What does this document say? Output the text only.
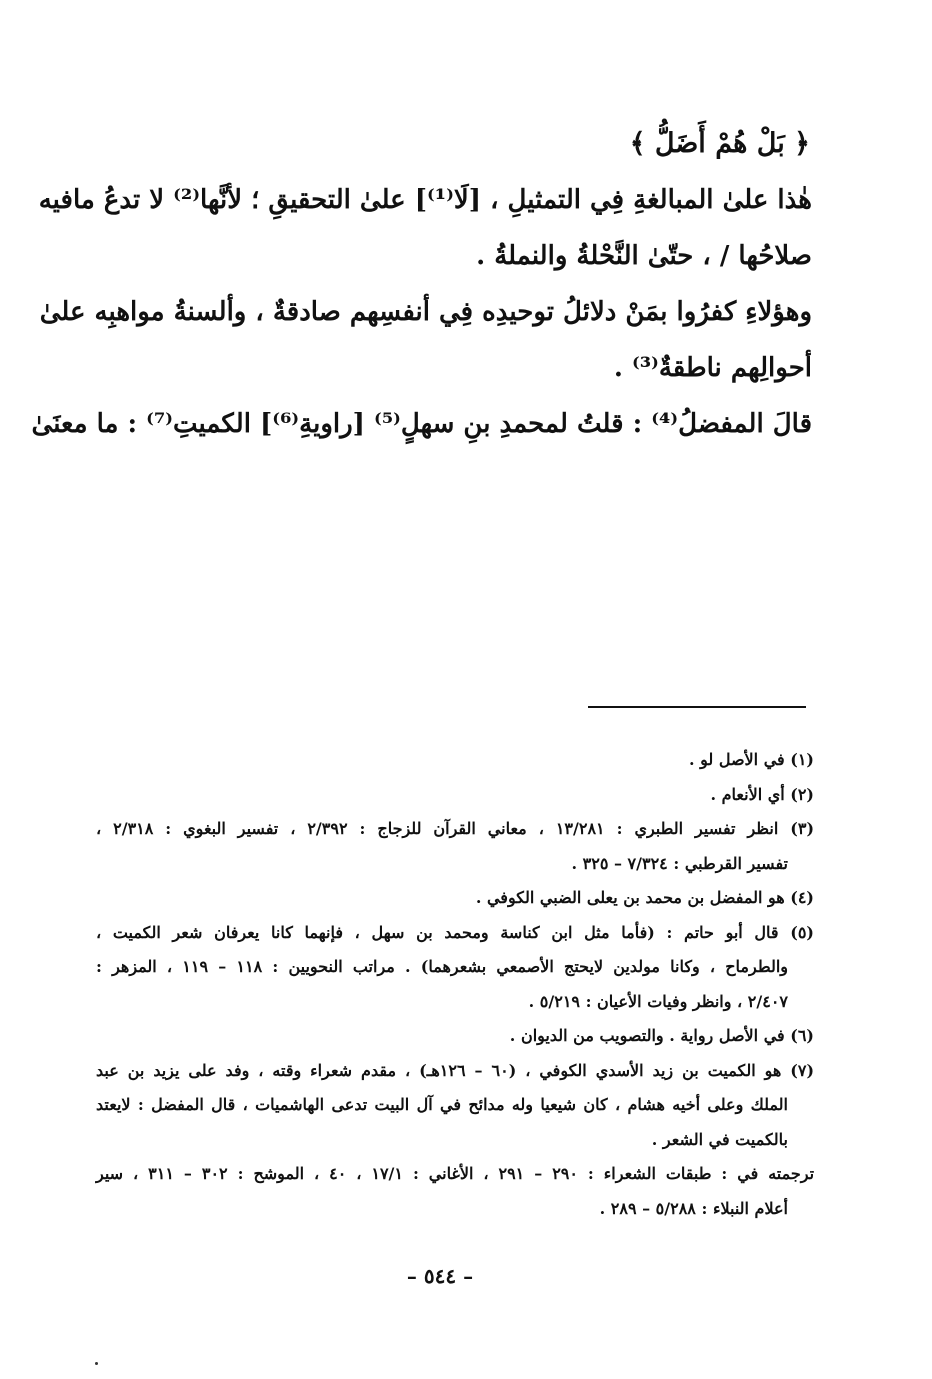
﴿ بَلْ هُمْ أَضَلُّ ﴾

هٰذا علىٰ المبالغةِ فِي التمثيلِ ، [لَا⁽¹⁾] علىٰ التحقيقِ ؛ لأنَّها⁽²⁾ لا تدعُ مافيه

صلاحُها / ، حتّىٰ النَّحْلةُ والنملةُ .

وهؤلاءِ كفرُوا بمَنْ دلائلُ توحيدِه فِي أنفسِهم صادقةٌ ، وألسنةُ مواهبِه علىٰ

أحوالِهم ناطقةٌ⁽³⁾ .

قالَ المفضلُ⁽⁴⁾ : قلتُ لمحمدِ بنِ سهلٍ⁽⁵⁾ [راويةِ⁽⁶⁾] الكميتِ⁽⁷⁾ : ما معنَىٰ

(١) في الأصل لو .

(٢) أي الأنعام .

(٣) انظر تفسير الطبري : ١٣/٢٨١ ، معاني القرآن للزجاج : ٢/٣٩٢ ، تفسير البغوي : ٢/٣١٨ ،

تفسير القرطبي : ٧/٣٢٤ – ٣٢٥ .

(٤) هو المفضل بن محمد بن يعلى الضبي الكوفي .

(٥) قال أبو حاتم : (فأما مثل ابن كناسة ومحمد بن سهل ، فإنهما كانا يعرفان شعر الكميت ،

والطرماح ، وكانا مولدين لايحتج الأصمعي بشعرهما) . مراتب النحويين : ١١٨ – ١١٩ ، المزهر :

٢/٤٠٧ ، وانظر وفيات الأعيان : ٥/٢١٩ .

(٦) في الأصل رواية . والتصويب من الديوان .

(٧) هو الكميت بن زيد الأسدي الكوفي ، (٦٠ – ١٢٦هـ) ، مقدم شعراء وقته ، وفد على يزيد بن عبد

الملك وعلى أخيه هشام ، كان شيعيا وله مدائح في آل البيت تدعى الهاشميات ، قال المفضل : لايعتد

بالكميت في الشعر .

ترجمته في : طبقات الشعراء : ٢٩٠ – ٢٩١ ، الأغاني : ١٧/١ ، ٤٠ ، الموشح : ٣٠٢ – ٣١١ ، سير

أعلام النبلاء : ٥/٢٨٨ – ٢٨٩ .

– ٥٤٤ –
